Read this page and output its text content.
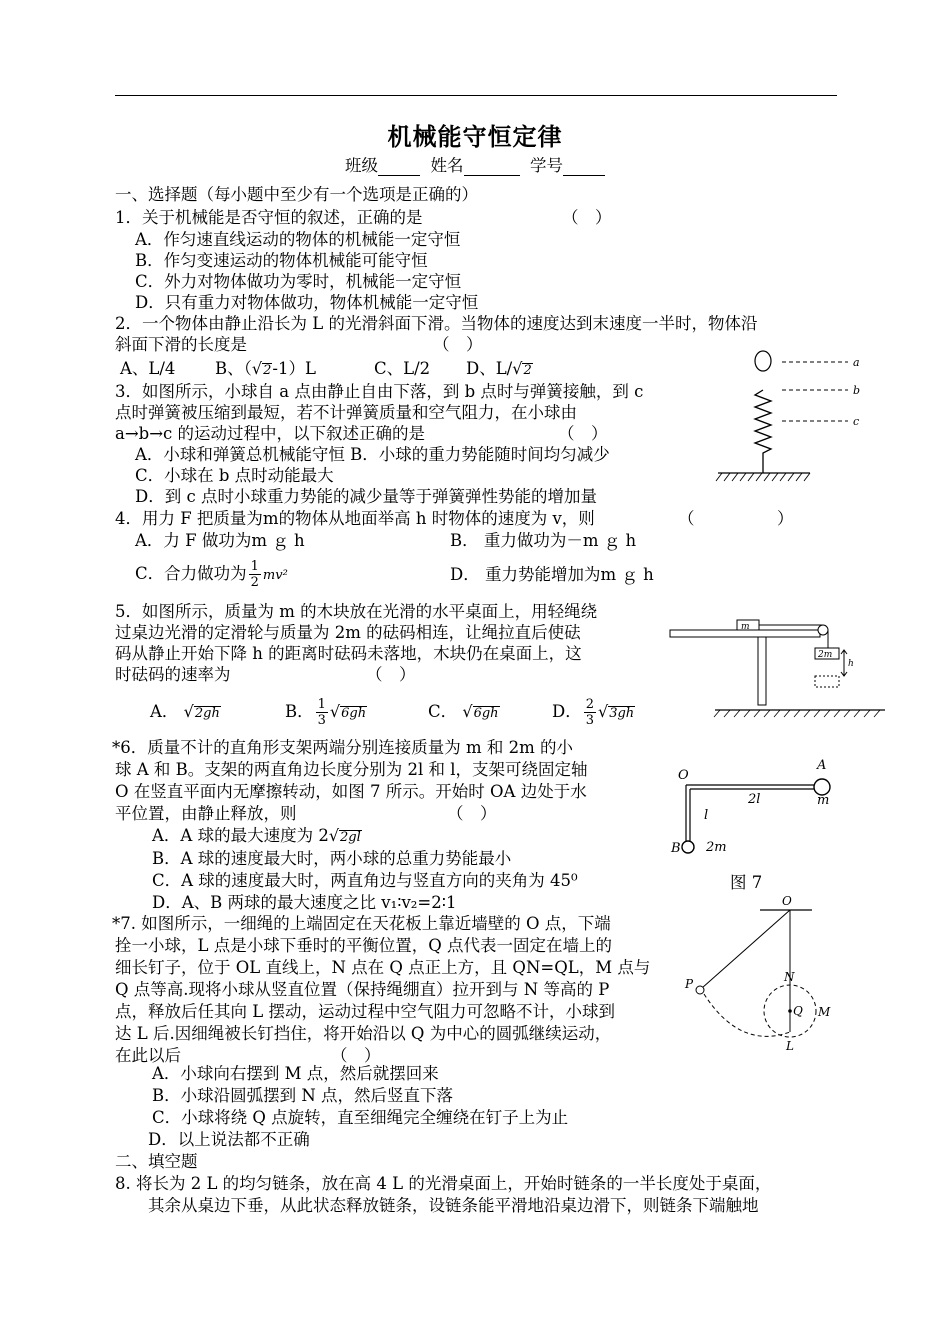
机械能守恒定律
班级	姓名	学号
一、选择题（每小题中至少有一个选项是正确的）
1．关于机械能是否守恒的叙述，正确的是	（　）
A．作匀速直线运动的物体的机械能一定守恒
B．作匀变速运动的物体机械能可能守恒
C．外力对物体做功为零时，机械能一定守恒
D．只有重力对物体做功，物体机械能一定守恒
2．一个物体由静止沿长为 L 的光滑斜面下滑。当物体的速度达到末速度一半时，物体沿
斜面下滑的长度是	（　）
A、L/4 B、（√2-1）L	C、L/2 D、L/√2
3．如图所示，小球自 a 点由静止自由下落，到 b 点时与弹簧接触，到 c
点时弹簧被压缩到最短，若不计弹簧质量和空气阻力，在小球由
a→b→c 的运动过程中，以下叙述正确的是	（　）
A．小球和弹簧总机械能守恒 B．小球的重力势能随时间均匀减少
C．小球在 b 点时动能最大
D．到 c 点时小球重力势能的减少量等于弹簧弹性势能的增加量
a
b
c
4．用力 F 把质量为m的物体从地面举高 h 时物体的速度为 v，则	（　　　　　）
A．力 F 做功为m ｇ h	B． 重力做功为－m ｇ h
C．合力做功为 $\frac{1}{2} mv^2$	D． 重力势能增加为m ｇ h
5．如图所示，质量为 m 的木块放在光滑的水平桌面上，用轻绳绕
过桌边光滑的定滑轮与质量为 2m 的砝码相连，让绳拉直后使砝
码从静止开始下降 h 的距离时砝码未落地，木块仍在桌面上，这
时砝码的速率为	（　）
A． √2gh	B． $\frac{1}{3} √6gh$	C． √6gh	D． $\frac{2}{3} √3gh$
m
2m
h
*6．质量不计的直角形支架两端分别连接质量为 m 和 2m 的小
球 A 和 B。支架的两直角边长度分别为 2l 和 l，支架可绕固定轴
O 在竖直平面内无摩擦转动，如图 7 所示。开始时 OA 边处于水
平位置，由静止释放，则	（　）
A．A 球的最大速度为 2√2gl
B．A 球的速度最大时，两小球的总重力势能最小
C．A 球的速度最大时，两直角边与竖直方向的夹角为 45⁰
D．A、B 两球的最大速度之比 v₁∶v₂=2∶1
图 7
O
A
2l	m
l
B 2m
*7. 如图所示，一细绳的上端固定在天花板上靠近墙壁的 O 点，下端
拴一小球，L 点是小球下垂时的平衡位置，Q 点代表一固定在墙上的
细长钉子，位于 OL 直线上，N 点在 Q 点正上方，且 QN=QL，M 点与
Q 点等高.现将小球从竖直位置（保持绳绷直）拉开到与 N 等高的 P
点，释放后任其向 L 摆动，运动过程中空气阻力可忽略不计，小球到
达 L 后.因细绳被长钉挡住，将开始沿以 Q 为中心的圆弧继续运动，
在此以后	（　）
A．小球向右摆到 M 点，然后就摆回来
B．小球沿圆弧摆到 N 点，然后竖直下落
C．小球将绕 Q 点旋转，直至细绳完全缠绕在钉子上为止
D．以上说法都不正确
O
P	N
Q M
L
二、填空题
8. 将长为 2 L 的均匀链条，放在高 4 L 的光滑桌面上，开始时链条的一半长度处于桌面，
其余从桌边下垂，从此状态释放链条，设链条能平滑地沿桌边滑下，则链条下端触地
